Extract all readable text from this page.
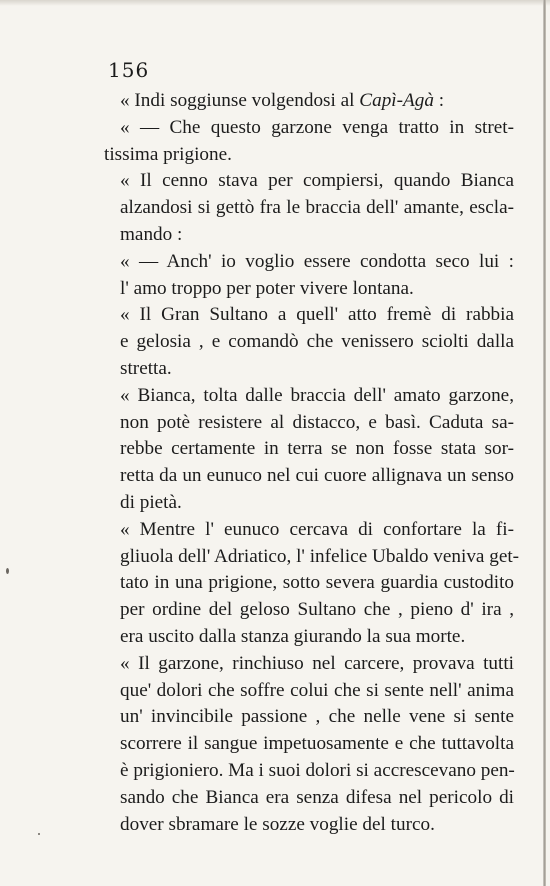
156

« Indi soggiunse volgendosi al Capì-Agà :

« — Che questo garzone venga tratto in stret-
tissima prigione.

« Il cenno stava per compiersi, quando Bianca
alzandosi si gettò fra le braccia dell' amante, escla-
mando :

« — Anch' io voglio essere condotta seco lui :
l' amo troppo per poter vivere lontana.

« Il Gran Sultano a quell' atto fremè di rabbia
e gelosia , e comandò che venissero sciolti dalla
stretta.

« Bianca, tolta dalle braccia dell' amato garzone,
non potè resistere al distacco, e basì. Caduta sa-
rebbe certamente in terra se non fosse stata sor-
retta da un eunuco nel cui cuore allignava un senso
di pietà.

« Mentre l' eunuco cercava di confortare la fi-
gliuola dell' Adriatico, l' infelice Ubaldo veniva get-
tato in una prigione, sotto severa guardia custodito
per ordine del geloso Sultano che , pieno d' ira ,
era uscito dalla stanza giurando la sua morte.

« Il garzone, rinchiuso nel carcere, provava tutti
que' dolori che soffre colui che si sente nell' anima
un' invincibile passione , che nelle vene si sente
scorrere il sangue impetuosamente e che tuttavolta
è prigioniero. Ma i suoi dolori si accrescevano pen-
sando che Bianca era senza difesa nel pericolo di
dover sbramare le sozze voglie del turco.
